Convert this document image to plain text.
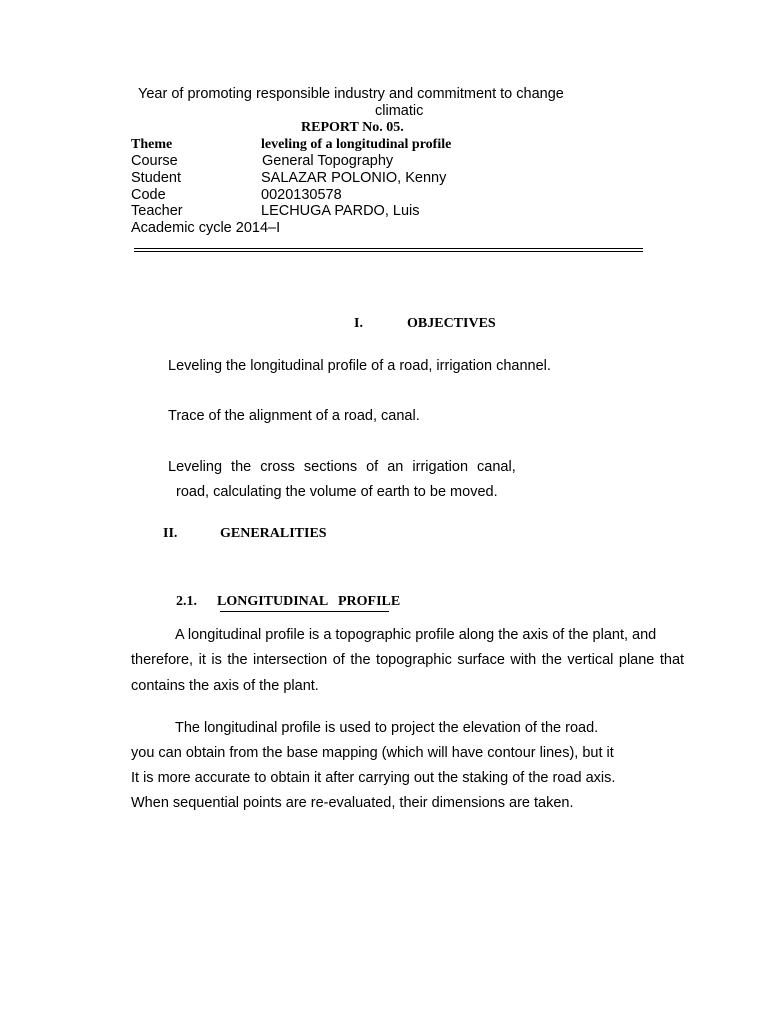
Year of promoting responsible industry and commitment to change
climatic
REPORT No. 05.
Theme	leveling of a longitudinal profile
Course	General Topography
Student	SALAZAR POLONIO, Kenny
Code	0020130578
Teacher	LECHUGA PARDO, Luis
Academic cycle 2014–I
I.	OBJECTIVES
Leveling the longitudinal profile of a road, irrigation channel.
Trace of the alignment of a road, canal.
Leveling the cross sections of an irrigation canal,
road, calculating the volume of earth to be moved.
II.	GENERALITIES
2.1. LONGITUDINAL   PROFILE
A longitudinal profile is a topographic profile along the axis of the plant, and
therefore, it is the intersection of the topographic surface with the vertical plane that
contains the axis of the plant.
The longitudinal profile is used to project the elevation of the road.
you can obtain from the base mapping (which will have contour lines), but it
It is more accurate to obtain it after carrying out the staking of the road axis.
When sequential points are re-evaluated, their dimensions are taken.
